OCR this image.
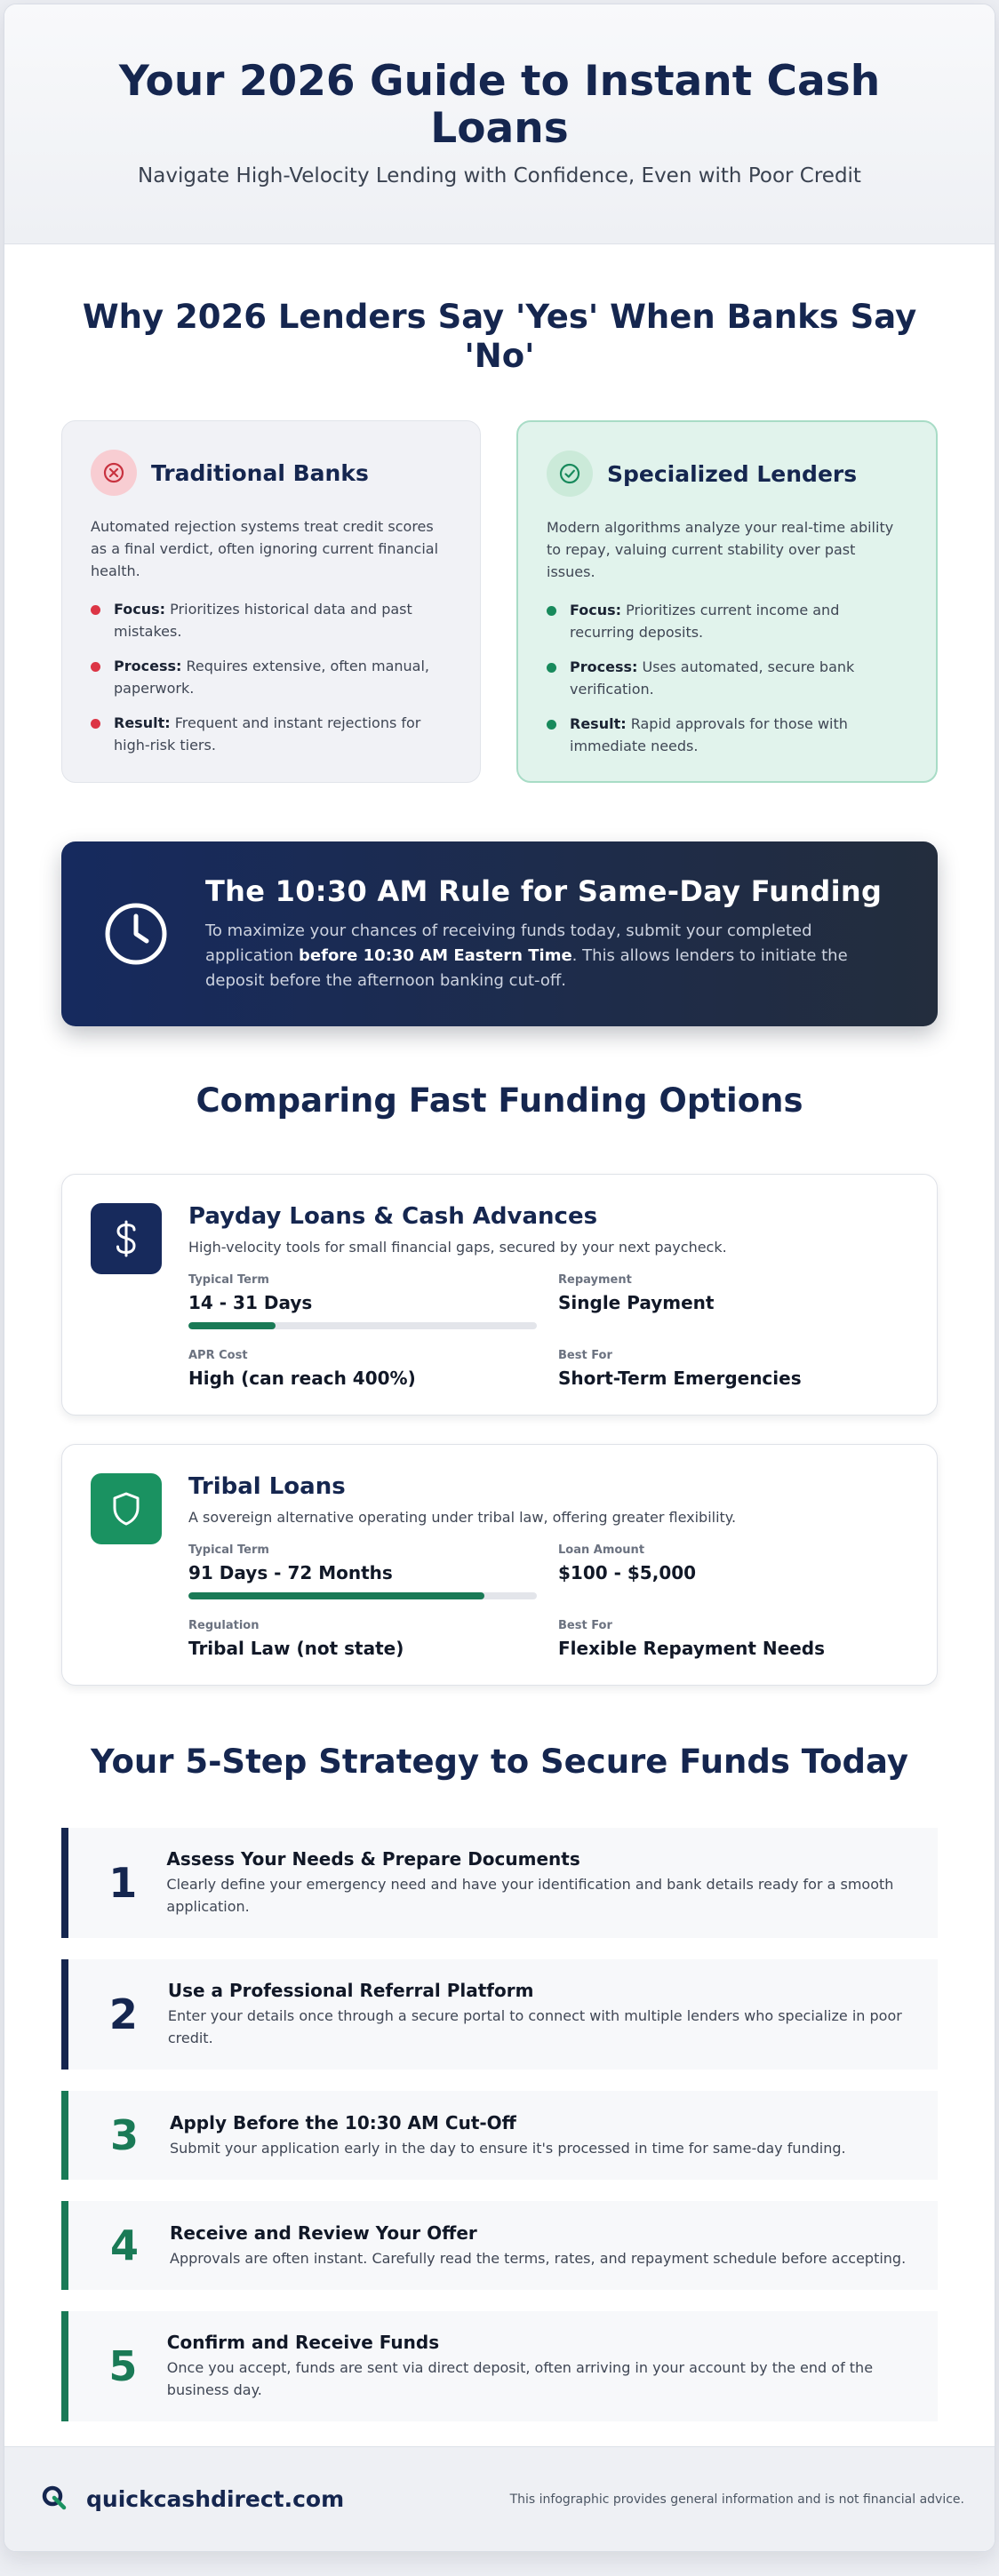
Your 2026 Guide to Instant Cash Loans

Navigate High-Velocity Lending with Confidence, Even with Poor Credit

Why 2026 Lenders Say 'Yes' When Banks Say 'No'
Traditional Banks

Automated rejection systems treat credit scores as a final verdict, often ignoring current financial health.

Focus: Prioritizes historical data and past mistakes.
Process: Requires extensive, often manual, paperwork.
Result: Frequent and instant rejections for high-risk tiers.
Specialized Lenders

Modern algorithms analyze your real-time ability to repay, valuing current stability over past issues.

Focus: Prioritizes current income and recurring deposits.
Process: Uses automated, secure bank verification.
Result: Rapid approvals for those with immediate needs.
The 10:30 AM Rule for Same-Day Funding

To maximize your chances of receiving funds today, submit your completed application before 10:30 AM Eastern Time. This allows lenders to initiate the deposit before the afternoon banking cut-off.

Comparing Fast Funding Options
Payday Loans & Cash Advances
High-velocity tools for small financial gaps, secured by your next paycheck.
Typical Term
14 - 31 Days
Repayment
Single Payment
APR Cost
High (can reach 400%)
Best For
Short-Term Emergencies
Tribal Loans
A sovereign alternative operating under tribal law, offering greater flexibility.
Typical Term
91 Days - 72 Months
Loan Amount
$100 - $5,000
Regulation
Tribal Law (not state)
Best For
Flexible Repayment Needs
Your 5-Step Strategy to Secure Funds Today
1 Assess Your Needs & Prepare Documents
Clearly define your emergency need and have your identification and bank details ready for a smooth application.
2 Use a Professional Referral Platform
Enter your details once through a secure portal to connect with multiple lenders who specialize in poor credit.
3 Apply Before the 10:30 AM Cut-Off
Submit your application early in the day to ensure it's processed in time for same-day funding.
4 Receive and Review Your Offer
Approvals are often instant. Carefully read the terms, rates, and repayment schedule before accepting.
5 Confirm and Receive Funds
Once you accept, funds are sent via direct deposit, often arriving in your account by the end of the business day.
quickcashdirect.com	This infographic provides general information and is not financial advice.
